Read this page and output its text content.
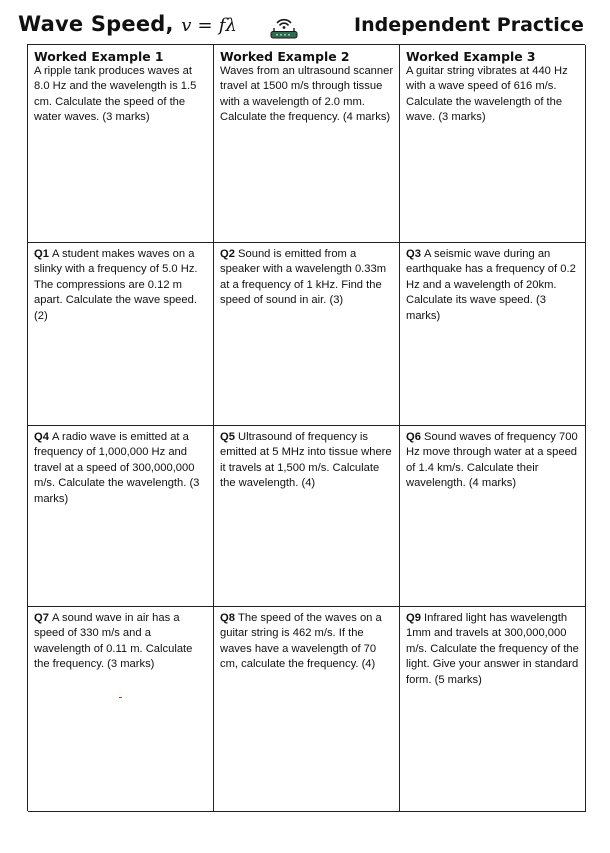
Wave Speed, v = fλ	Independent Practice
Worked Example 1
A ripple tank produces waves at 8.0 Hz and the wavelength is 1.5 cm. Calculate the speed of the water waves. (3 marks)
Worked Example 2
Waves from an ultrasound scanner travel at 1500 m/s through tissue with a wavelength of 2.0 mm. Calculate the frequency. (4 marks)
Worked Example 3
A guitar string vibrates at 440 Hz with a wave speed of 616 m/s. Calculate the wavelength of the wave. (3 marks)
Q1 A student makes waves on a slinky with a frequency of 5.0 Hz. The compressions are 0.12 m apart. Calculate the wave speed. (2)
Q2 Sound is emitted from a speaker with a wavelength 0.33m at a frequency of 1 kHz. Find the speed of sound in air. (3)
Q3 A seismic wave during an earthquake has a frequency of 0.2 Hz and a wavelength of 20km. Calculate its wave speed. (3 marks)
Q4 A radio wave is emitted at a frequency of 1,000,000 Hz and travel at a speed of 300,000,000 m/s. Calculate the wavelength. (3 marks)
Q5 Ultrasound of frequency is emitted at 5 MHz into tissue where it travels at 1,500 m/s. Calculate the wavelength. (4)
Q6 Sound waves of frequency 700 Hz move through water at a speed of 1.4 km/s. Calculate their wavelength. (4 marks)
Q7 A sound wave in air has a speed of 330 m/s and a wavelength of 0.11 m. Calculate the frequency. (3 marks)
Q8 The speed of the waves on a guitar string is 462 m/s. If the waves have a wavelength of 70 cm, calculate the frequency. (4)
Q9 Infrared light has wavelength 1mm and travels at 300,000,000 m/s. Calculate the frequency of the light. Give your answer in standard form. (5 marks)
